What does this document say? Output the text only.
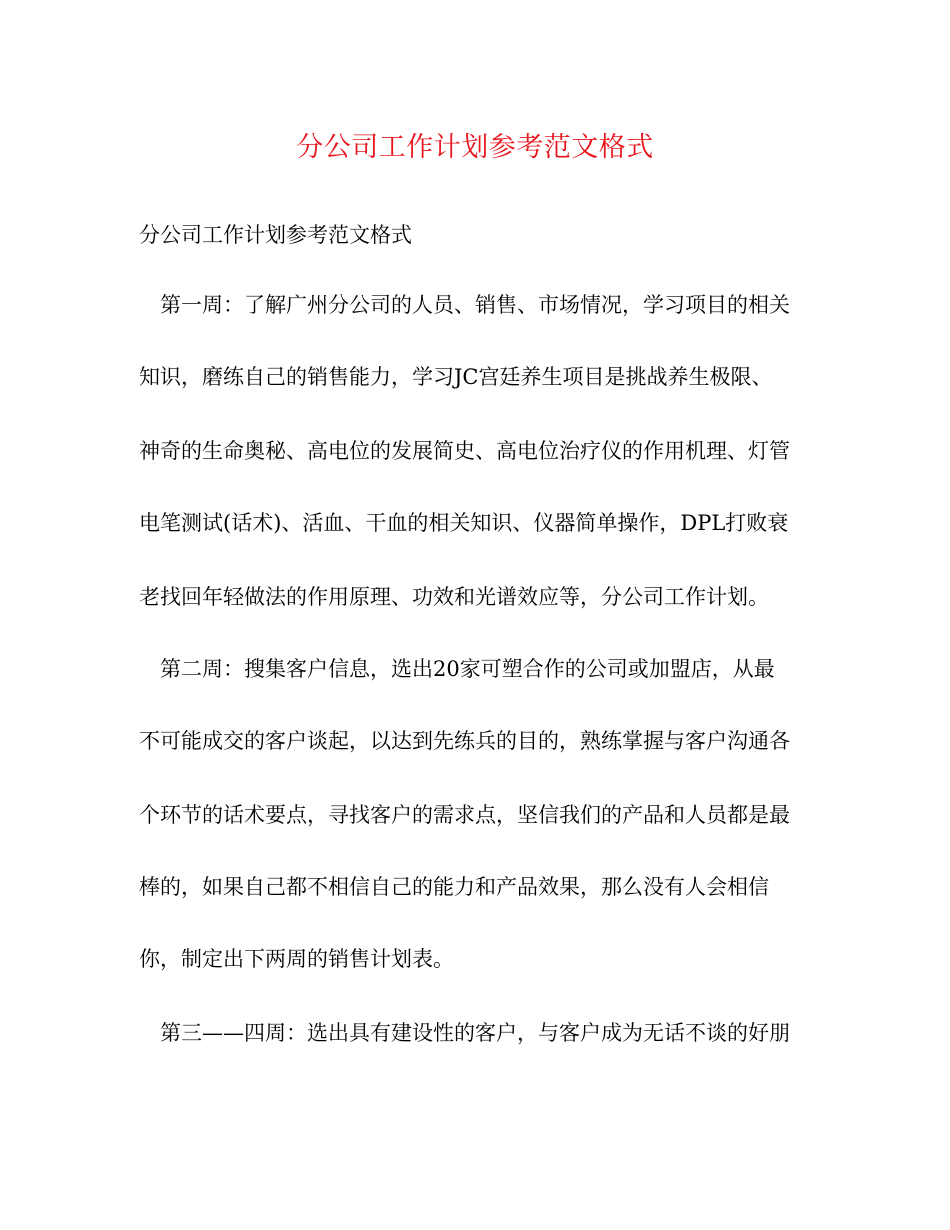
分公司工作计划参考范文格式
分公司工作计划参考范文格式
第一周：了解广州分公司的人员、销售、市场情况，学习项目的相关
知识，磨练自己的销售能力，学习JC宫廷养生项目是挑战养生极限、
神奇的生命奥秘、高电位的发展简史、高电位治疗仪的作用机理、灯管
电笔测试(话术)、活血、干血的相关知识、仪器简单操作，DPL打败衰
老找回年轻做法的作用原理、功效和光谱效应等，分公司工作计划。
第二周：搜集客户信息，选出20家可塑合作的公司或加盟店，从最
不可能成交的客户谈起，以达到先练兵的目的，熟练掌握与客户沟通各
个环节的话术要点，寻找客户的需求点，坚信我们的产品和人员都是最
棒的，如果自己都不相信自己的能力和产品效果，那么没有人会相信
你，制定出下两周的销售计划表。
第三——四周：选出具有建设性的客户，与客户成为无话不谈的好朋
